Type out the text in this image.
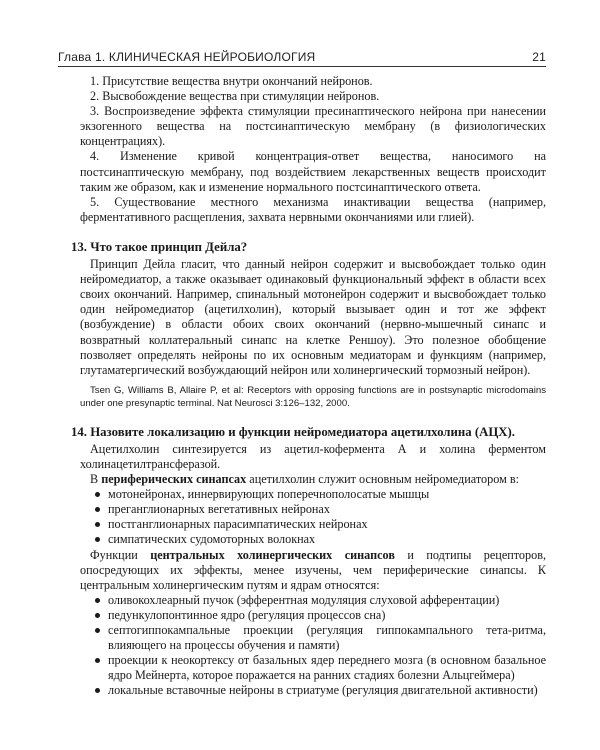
Глава 1. КЛИНИЧЕСКАЯ НЕЙРОБИОЛОГИЯ	21

1. Присутствие вещества внутри окончаний нейронов.

2. Высвобождение вещества при стимуляции нейронов.

3. Воспроизведение эффекта стимуляции пресинаптического нейрона при нанесении экзогенного вещества на постсинаптическую мембрану (в физиологических концентрациях).

4. Изменение кривой концентрация-ответ вещества, наносимого на постсинаптическую мембрану, под воздействием лекарственных веществ происходит таким же образом, как и изменение нормального постсинаптического ответа.

5. Существование местного механизма инактивации вещества (например, ферментативного расщепления, захвата нервными окончаниями или глией).

13. Что такое принцип Дейла?

Принцип Дейла гласит, что данный нейрон содержит и высвобождает только один нейромедиатор, а также оказывает одинаковый функциональный эффект в области всех своих окончаний. Например, спинальный мотонейрон содержит и высвобождает только один нейромедиатор (ацетилхолин), который вызывает один и тот же эффект (возбуждение) в области обоих своих окончаний (нервно-мышечный синапс и возвратный коллатеральный синапс на клетке Реншоу). Это полезное обобщение позволяет определять нейроны по их основным медиаторам и функциям (например, глутаматергический возбуждающий нейрон или холинергический тормозный нейрон).

Tsen G, Williams B, Allaire P, et al: Receptors with opposing functions are in postsynaptic microdomains under one presynaptic terminal. Nat Neurosci 3:126–132, 2000.

14. Назовите локализацию и функции нейромедиатора ацетилхолина (АЦХ).

Ацетилхолин синтезируется из ацетил-кофермента А и холина ферментом холинацетилтрансферазой.

В периферических синапсах ацетилхолин служит основным нейромедиатором в:

мотонейронах, иннервирующих поперечнополосатые мышцы
преганглионарных вегетативных нейронах
постганглионарных парасимпатических нейронах
симпатических судомоторных волокнах

Функции центральных холинергических синапсов и подтипы рецепторов, опосредующих их эффекты, менее изучены, чем периферические синапсы. К центральным холинергическим путям и ядрам относятся:

оливокохлеарный пучок (эфферентная модуляция слуховой афферентации)
педункулопонтинное ядро (регуляция процессов сна)
септогиппокампальные проекции (регуляция гиппокампального тета-ритма, влияющего на процессы обучения и памяти)
проекции к неокортексу от базальных ядер переднего мозга (в основном базальное ядро Мейнерта, которое поражается на ранних стадиях болезни Альцгеймера)
локальные вставочные нейроны в стриатуме (регуляция двигательной активности)
